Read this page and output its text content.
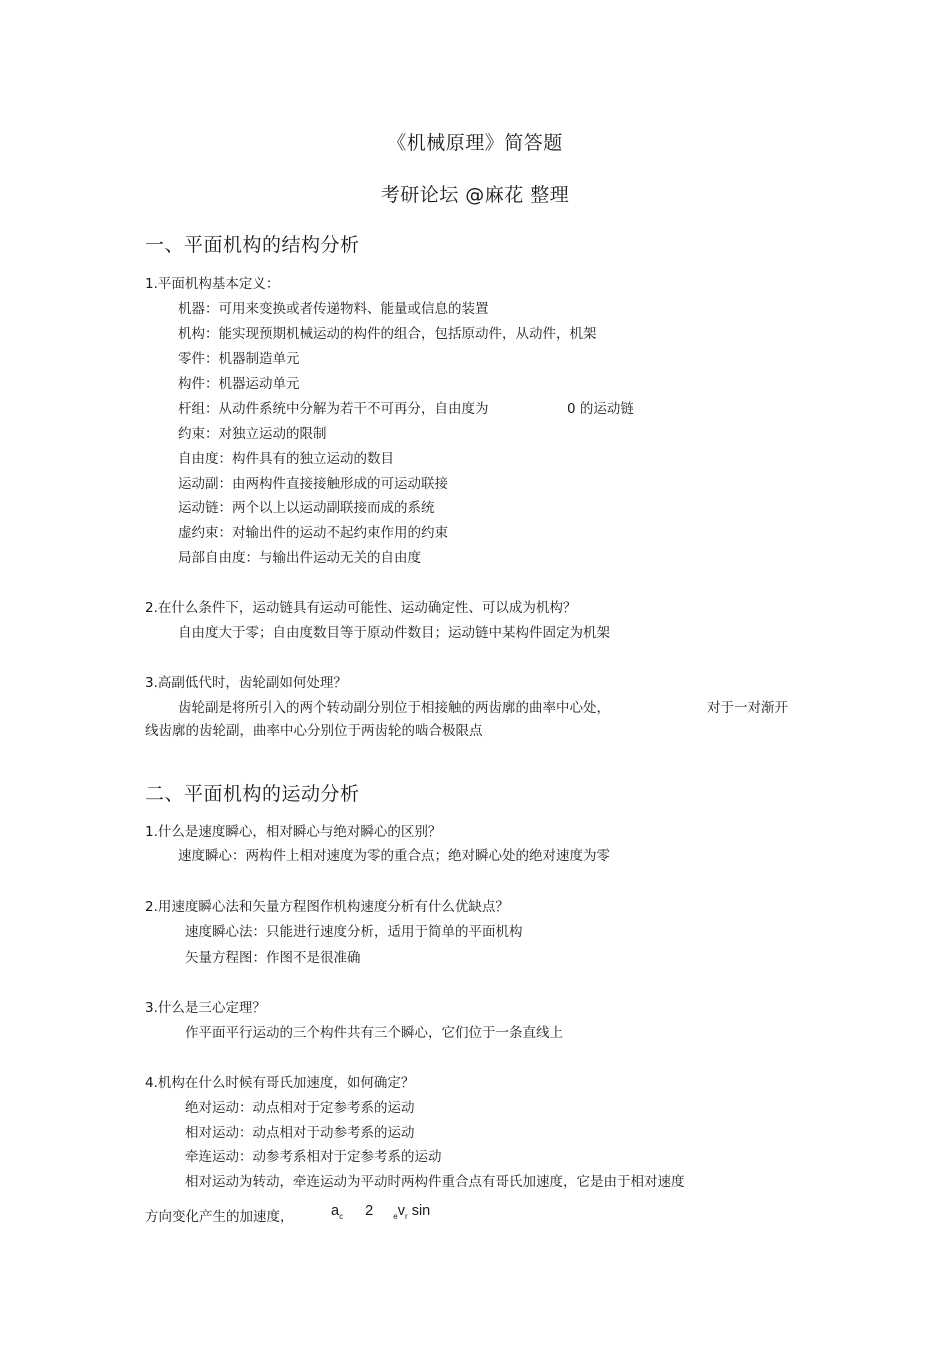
《机械原理》简答题
考研论坛 @麻花 整理
一、平面机构的结构分析
1.平面机构基本定义：
机器：可用来变换或者传递物料、能量或信息的装置
机构：能实现预期机械运动的构件的组合，包括原动件，从动件，机架
零件：机器制造单元
构件：机器运动单元
杆组：从动件系统中分解为若干不可再分，自由度为	0 的运动链
约束：对独立运动的限制
自由度：构件具有的独立运动的数目
运动副：由两构件直接接触形成的可运动联接
运动链：两个以上以运动副联接而成的系统
虚约束：对输出件的运动不起约束作用的约束
局部自由度：与输出件运动无关的自由度
2.在什么条件下，运动链具有运动可能性、运动确定性、可以成为机构？
自由度大于零；自由度数目等于原动件数目；运动链中某构件固定为机架
3.高副低代时，齿轮副如何处理？
齿轮副是将所引入的两个转动副分别位于相接触的两齿廓的曲率中心处，	对于一对渐开
线齿廓的齿轮副，曲率中心分别位于两齿轮的啮合极限点
二、平面机构的运动分析
1.什么是速度瞬心，相对瞬心与绝对瞬心的区别？
速度瞬心：两构件上相对速度为零的重合点；绝对瞬心处的绝对速度为零
2.用速度瞬心法和矢量方程图作机构速度分析有什么优缺点？
速度瞬心法：只能进行速度分析，适用于简单的平面机构
矢量方程图：作图不是很准确
3.什么是三心定理？
作平面平行运动的三个构件共有三个瞬心，它们位于一条直线上
4.机构在什么时候有哥氏加速度，如何确定？
绝对运动：动点相对于定参考系的运动
相对运动：动点相对于动参考系的运动
牵连运动：动参考系相对于定参考系的运动
相对运动为转动，牵连运动为平动时两构件重合点有哥氏加速度，它是由于相对速度
方向变化产生的加速度，	$a_c$ 2	$_ev_r$ sin
